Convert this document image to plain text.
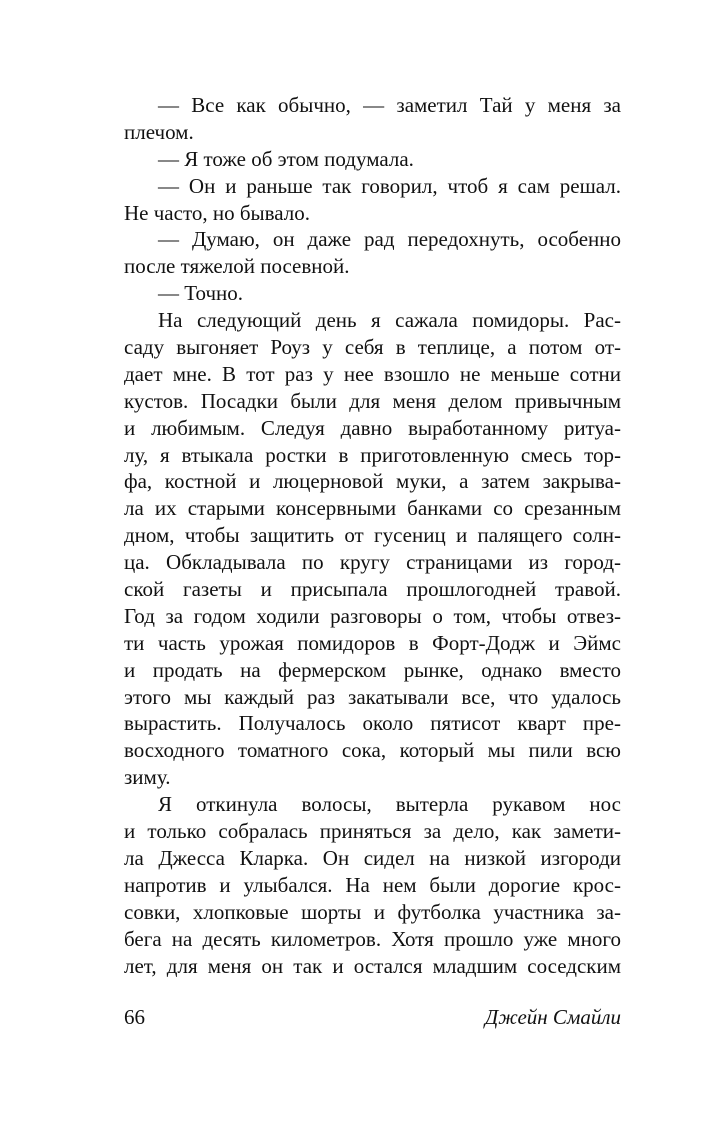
— Все как обычно, — заметил Тай у меня за
плечом.
— Я тоже об этом подумала.
— Он и раньше так говорил, чтоб я сам решал.
Не часто, но бывало.
— Думаю, он даже рад передохнуть, особенно
после тяжелой посевной.
— Точно.
На следующий день я сажала помидоры. Рас-
саду выгоняет Роуз у себя в теплице, а потом от-
дает мне. В тот раз у нее взошло не меньше сотни
кустов. Посадки были для меня делом привычным
и любимым. Следуя давно выработанному ритуа-
лу, я втыкала ростки в приготовленную смесь тор-
фа, костной и люцерновой муки, а затем закрыва-
ла их старыми консервными банками со срезанным
дном, чтобы защитить от гусениц и палящего солн-
ца. Обкладывала по кругу страницами из город-
ской газеты и присыпала прошлогодней травой.
Год за годом ходили разговоры о том, чтобы отвез-
ти часть урожая помидоров в Форт-Додж и Эймс
и продать на фермерском рынке, однако вместо
этого мы каждый раз закатывали все, что удалось
вырастить. Получалось около пятисот кварт пре-
восходного томатного сока, который мы пили всю
зиму.
Я откинула волосы, вытерла рукавом нос
и только собралась приняться за дело, как замети-
ла Джесса Кларка. Он сидел на низкой изгороди
напротив и улыбался. На нем были дорогие крос-
совки, хлопковые шорты и футболка участника за-
бега на десять километров. Хотя прошло уже много
лет, для меня он так и остался младшим соседским
66	Джейн Смайли
